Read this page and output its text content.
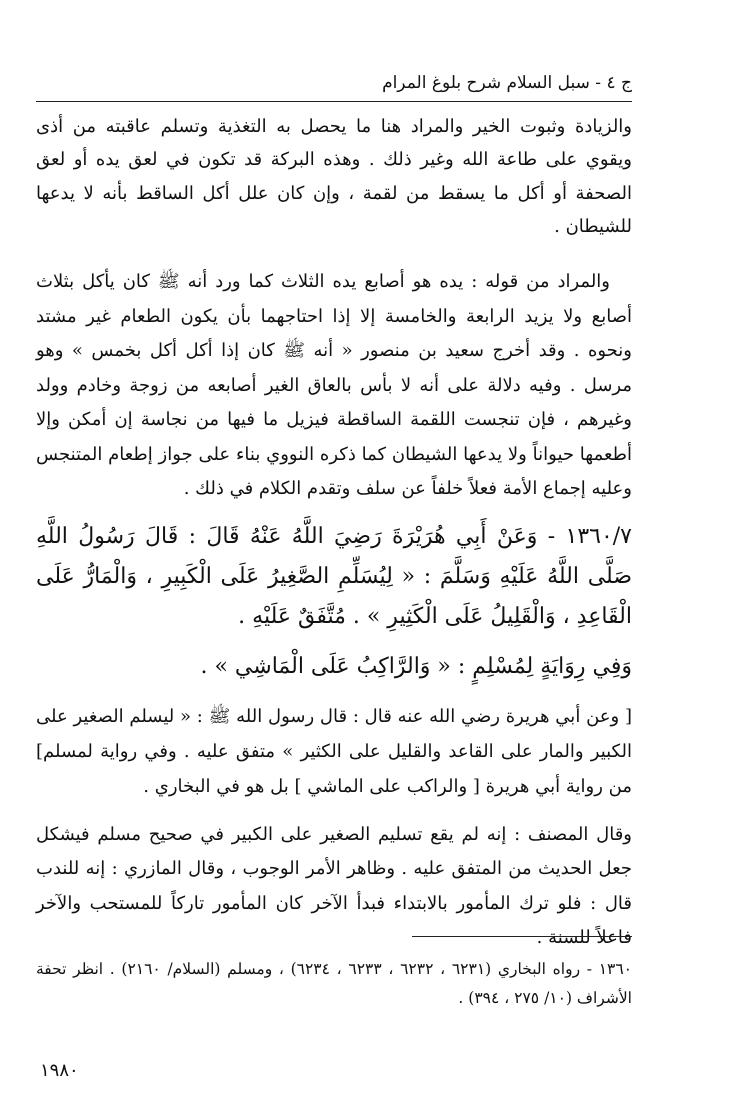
ج ٤ - سبل السلام شرح بلوغ المرام

والزيادة وثبوت الخير والمراد هنا ما يحصل به التغذية وتسلم عاقبته من أذى ويقوي على طاعة الله وغير ذلك . وهذه البركة قد تكون في لعق يده أو لعق الصحفة أو أكل ما يسقط من لقمة ، وإن كان علل أكل الساقط بأنه لا يدعها للشيطان .

والمراد من قوله : يده هو أصابع يده الثلاث كما ورد أنه ﷺ كان يأكل بثلاث أصابع ولا يزيد الرابعة والخامسة إلا إذا احتاجهما بأن يكون الطعام غير مشتد ونحوه . وقد أخرج سعيد بن منصور « أنه ﷺ كان إذا أكل أكل بخمس » وهو مرسل . وفيه دلالة على أنه لا بأس بالعاق الغير أصابعه من زوجة وخادم وولد وغيرهم ، فإن تنجست اللقمة الساقطة فيزيل ما فيها من نجاسة إن أمكن وإلا أطعمها حيواناً ولا يدعها الشيطان كما ذكره النووي بناء على جواز إطعام المتنجس وعليه إجماع الأمة فعلاً خلفاً عن سلف وتقدم الكلام في ذلك .

١٣٦٠/٧ - وَعَنْ أَبِي هُرَيْرَةَ رَضِيَ اللَّهُ عَنْهُ قَالَ : قَالَ رَسُولُ اللَّهِ صَلَّى اللَّهُ عَلَيْهِ وَسَلَّمَ : « لِيُسَلِّمِ الصَّغِيرُ عَلَى الْكَبِيرِ ، وَالْمَارُّ عَلَى الْقَاعِدِ ، وَالْقَلِيلُ عَلَى الْكَثِيرِ » . مُتَّفَقٌ عَلَيْهِ .

وَفِي رِوَايَةٍ لِمُسْلِمٍ : « وَالرَّاكِبُ عَلَى الْمَاشِي » .

[ وعن أبي هريرة رضي الله عنه قال : قال رسول الله ﷺ : « ليسلم الصغير على الكبير والمار على القاعد والقليل على الكثير » متفق عليه . وفي رواية لمسلم] من رواية أبي هريرة [ والراكب على الماشي ] بل هو في البخاري .

وقال المصنف : إنه لم يقع تسليم الصغير على الكبير في صحيح مسلم فيشكل جعل الحديث من المتفق عليه . وظاهر الأمر الوجوب ، وقال المازري : إنه للندب قال : فلو ترك المأمور بالابتداء فبدأ الآخر كان المأمور تاركاً للمستحب والآخر فاعلاً للسنة .

١٣٦٠ - رواه البخاري (٦٢٣١ ، ٦٢٣٢ ، ٦٢٣٣ ، ٦٢٣٤) ، ومسلم (السلام/ ٢١٦٠) . انظر تحفة الأشراف (١٠/ ٢٧٥ ، ٣٩٤) .
١٩٨٠
